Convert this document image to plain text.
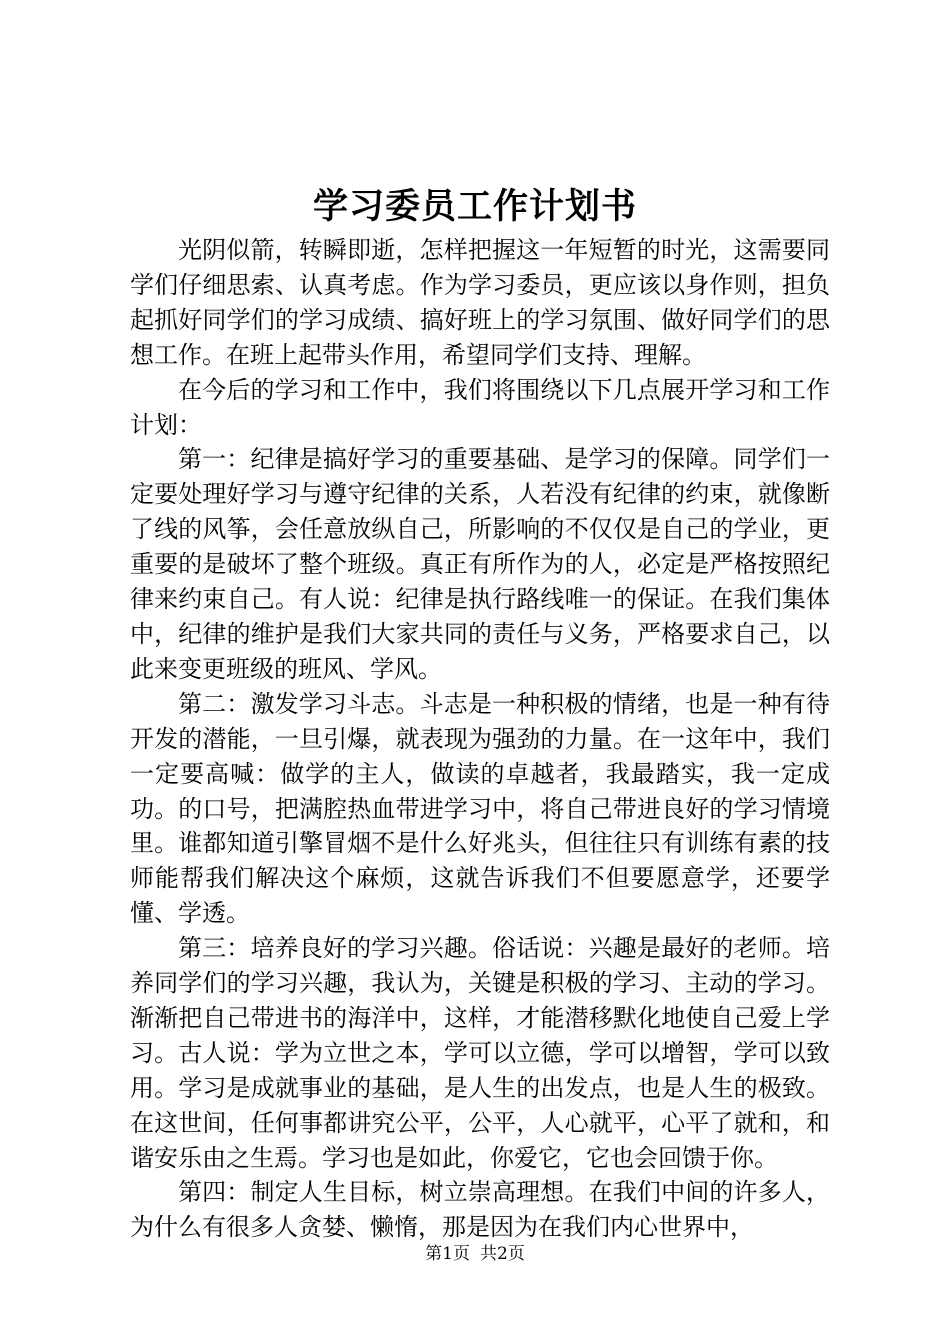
学习委员工作计划书

光阴似箭，转瞬即逝，怎样把握这一年短暂的时光，这需要同学们仔细思索、认真考虑。作为学习委员，更应该以身作则，担负起抓好同学们的学习成绩、搞好班上的学习氛围、做好同学们的思想工作。在班上起带头作用，希望同学们支持、理解。

在今后的学习和工作中，我们将围绕以下几点展开学习和工作计划：

第一：纪律是搞好学习的重要基础、是学习的保障。同学们一定要处理好学习与遵守纪律的关系，人若没有纪律的约束，就像断了线的风筝，会任意放纵自己，所影响的不仅仅是自己的学业，更重要的是破坏了整个班级。真正有所作为的人，必定是严格按照纪律来约束自己。有人说：纪律是执行路线唯一的保证。在我们集体中，纪律的维护是我们大家共同的责任与义务，严格要求自己，以此来变更班级的班风、学风。

第二：激发学习斗志。斗志是一种积极的情绪，也是一种有待开发的潜能，一旦引爆，就表现为强劲的力量。在一这年中，我们一定要高喊：做学的主人，做读的卓越者，我最踏实，我一定成功。的口号，把满腔热血带进学习中，将自己带进良好的学习情境里。谁都知道引擎冒烟不是什么好兆头，但往往只有训练有素的技师能帮我们解决这个麻烦，这就告诉我们不但要愿意学，还要学懂、学透。

第三：培养良好的学习兴趣。俗话说：兴趣是最好的老师。培养同学们的学习兴趣，我认为，关键是积极的学习、主动的学习。渐渐把自己带进书的海洋中，这样，才能潜移默化地使自己爱上学习。古人说：学为立世之本，学可以立德，学可以增智，学可以致用。学习是成就事业的基础，是人生的出发点，也是人生的极致。在这世间，任何事都讲究公平，公平，人心就平，心平了就和，和谐安乐由之生焉。学习也是如此，你爱它，它也会回馈于你。

第四：制定人生目标，树立崇高理想。在我们中间的许多人，为什么有很多人贪婪、懒惰，那是因为在我们内心世界中，

第1页 共2页
